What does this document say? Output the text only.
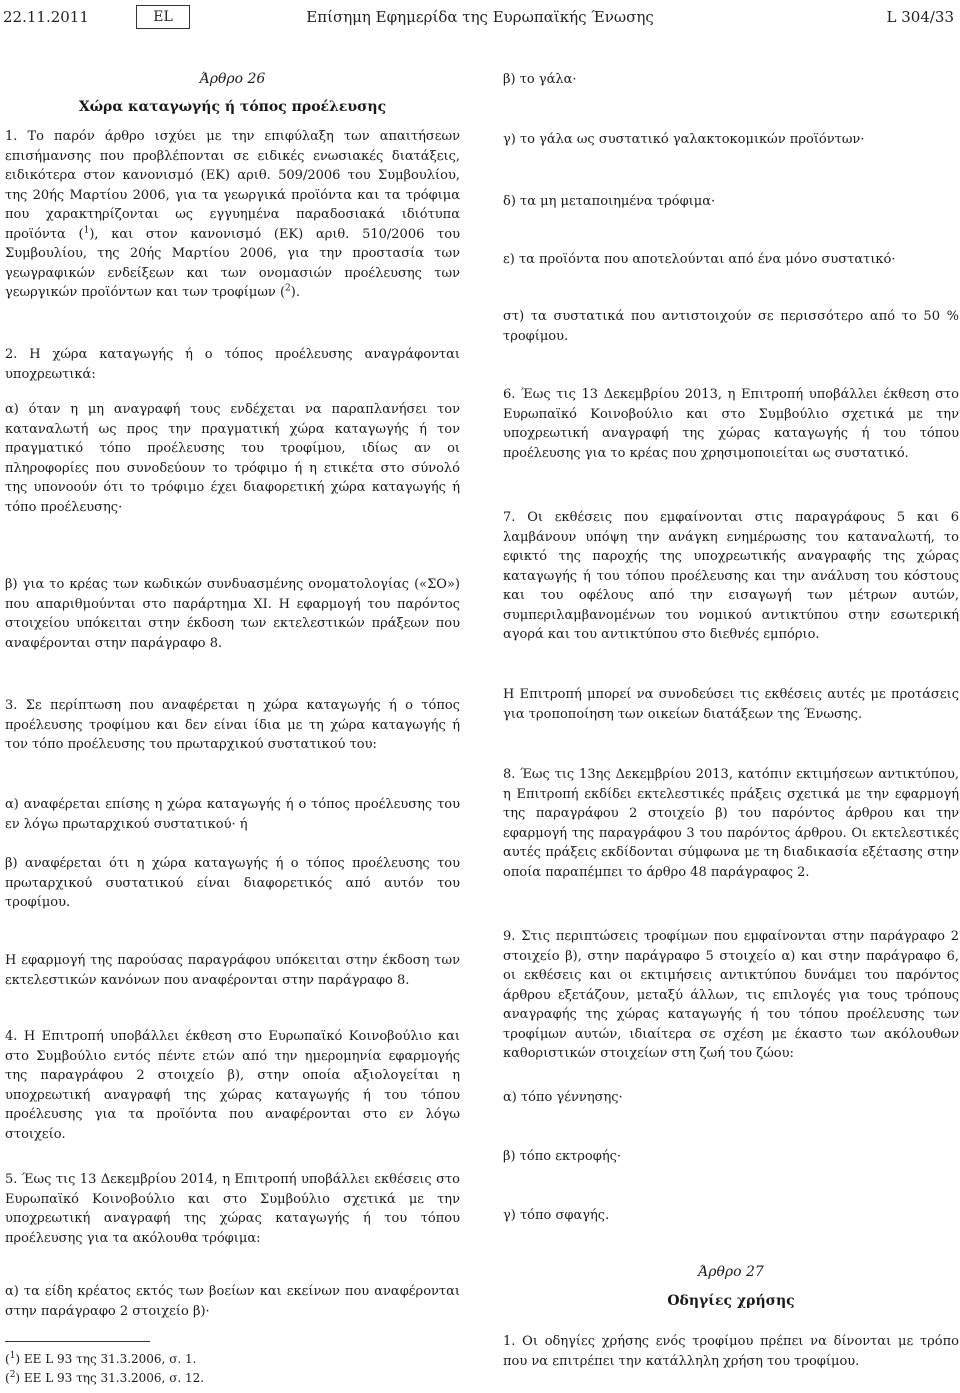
22.11.2011	EL	Επίσημη Εφημερίδα της Ευρωπαϊκής Ένωσης	L 304/33
Άρθρο 26
Χώρα καταγωγής ή τόπος προέλευσης
1. Το παρόν άρθρο ισχύει με την επιφύλαξη των απαιτήσεων επισήμανσης που προβλέπονται σε ειδικές ενωσιακές διατάξεις, ειδικότερα στον κανονισμό (ΕΚ) αριθ. 509/2006 του Συμβουλίου, της 20ής Μαρτίου 2006, για τα γεωργικά προϊόντα και τα τρόφιμα που χαρακτηρίζονται ως εγγυημένα παραδοσιακά ιδιότυπα προϊόντα ($^1$), και στον κανονισμό (ΕΚ) αριθ. 510/2006 του Συμβουλίου, της 20ής Μαρτίου 2006, για την προστασία των γεωγραφικών ενδείξεων και των ονομασιών προέλευσης των γεωργικών προϊόντων και των τροφίμων ($^2$).
2. Η χώρα καταγωγής ή ο τόπος προέλευσης αναγράφονται υποχρεωτικά:
α) όταν η μη αναγραφή τους ενδέχεται να παραπλανήσει τον καταναλωτή ως προς την πραγματική χώρα καταγωγής ή τον πραγματικό τόπο προέλευσης του τροφίμου, ιδίως αν οι πληροφορίες που συνοδεύουν το τρόφιμο ή η ετικέτα στο σύνολό της υπονοούν ότι το τρόφιμο έχει διαφορετική χώρα καταγωγής ή τόπο προέλευσης·
β) για το κρέας των κωδικών συνδυασμένης ονοματολογίας («ΣΟ») που απαριθμούνται στο παράρτημα XI. Η εφαρμογή του παρόντος στοιχείου υπόκειται στην έκδοση των εκτελεστικών πράξεων που αναφέρονται στην παράγραφο 8.
3. Σε περίπτωση που αναφέρεται η χώρα καταγωγής ή ο τόπος προέλευσης τροφίμου και δεν είναι ίδια με τη χώρα καταγωγής ή τον τόπο προέλευσης του πρωταρχικού συστατικού του:
α) αναφέρεται επίσης η χώρα καταγωγής ή ο τόπος προέλευσης του εν λόγω πρωταρχικού συστατικού· ή
β) αναφέρεται ότι η χώρα καταγωγής ή ο τόπος προέλευσης του πρωταρχικού συστατικού είναι διαφορετικός από αυτόν του τροφίμου.
Η εφαρμογή της παρούσας παραγράφου υπόκειται στην έκδοση των εκτελεστικών κανόνων που αναφέρονται στην παράγραφο 8.
4. Η Επιτροπή υποβάλλει έκθεση στο Ευρωπαϊκό Κοινοβούλιο και στο Συμβούλιο εντός πέντε ετών από την ημερομηνία εφαρμογής της παραγράφου 2 στοιχείο β), στην οποία αξιολογείται η υποχρεωτική αναγραφή της χώρας καταγωγής ή του τόπου προέλευσης για τα προϊόντα που αναφέρονται στο εν λόγω στοιχείο.
5. Έως τις 13 Δεκεμβρίου 2014, η Επιτροπή υποβάλλει εκθέσεις στο Ευρωπαϊκό Κοινοβούλιο και στο Συμβούλιο σχετικά με την υποχρεωτική αναγραφή της χώρας καταγωγής ή του τόπου προέλευσης για τα ακόλουθα τρόφιμα:
α) τα είδη κρέατος εκτός των βοείων και εκείνων που αναφέρονται στην παράγραφο 2 στοιχείο β)·
($^1$) ΕΕ L 93 της 31.3.2006, σ. 1.
($^2$) ΕΕ L 93 της 31.3.2006, σ. 12.
β) το γάλα·
γ) το γάλα ως συστατικό γαλακτοκομικών προϊόντων·
δ) τα μη μεταποιημένα τρόφιμα·
ε) τα προϊόντα που αποτελούνται από ένα μόνο συστατικό·
στ) τα συστατικά που αντιστοιχούν σε περισσότερο από το 50 % τροφίμου.
6. Έως τις 13 Δεκεμβρίου 2013, η Επιτροπή υποβάλλει έκθεση στο Ευρωπαϊκό Κοινοβούλιο και στο Συμβούλιο σχετικά με την υποχρεωτική αναγραφή της χώρας καταγωγής ή του τόπου προέλευσης για το κρέας που χρησιμοποιείται ως συστατικό.
7. Οι εκθέσεις που εμφαίνονται στις παραγράφους 5 και 6 λαμβάνουν υπόψη την ανάγκη ενημέρωσης του καταναλωτή, το εφικτό της παροχής της υποχρεωτικής αναγραφής της χώρας καταγωγής ή του τόπου προέλευσης και την ανάλυση του κόστους και του οφέλους από την εισαγωγή των μέτρων αυτών, συμπεριλαμβανομένων του νομικού αντικτύπου στην εσωτερική αγορά και του αντικτύπου στο διεθνές εμπόριο.
Η Επιτροπή μπορεί να συνοδεύσει τις εκθέσεις αυτές με προτάσεις για τροποποίηση των οικείων διατάξεων της Ένωσης.
8. Έως τις 13ης Δεκεμβρίου 2013, κατόπιν εκτιμήσεων αντικτύπου, η Επιτροπή εκδίδει εκτελεστικές πράξεις σχετικά με την εφαρμογή της παραγράφου 2 στοιχείο β) του παρόντος άρθρου και την εφαρμογή της παραγράφου 3 του παρόντος άρθρου. Οι εκτελεστικές αυτές πράξεις εκδίδονται σύμφωνα με τη διαδικασία εξέτασης στην οποία παραπέμπει το άρθρο 48 παράγραφος 2.
9. Στις περιπτώσεις τροφίμων που εμφαίνονται στην παράγραφο 2 στοιχείο β), στην παράγραφο 5 στοιχείο α) και στην παράγραφο 6, οι εκθέσεις και οι εκτιμήσεις αντικτύπου δυνάμει του παρόντος άρθρου εξετάζουν, μεταξύ άλλων, τις επιλογές για τους τρόπους αναγραφής της χώρας καταγωγής ή του τόπου προέλευσης των τροφίμων αυτών, ιδιαίτερα σε σχέση με έκαστο των ακόλουθων καθοριστικών στοιχείων στη ζωή του ζώου:
α) τόπο γέννησης·
β) τόπο εκτροφής·
γ) τόπο σφαγής.
Άρθρο 27
Οδηγίες χρήσης
1. Οι οδηγίες χρήσης ενός τροφίμου πρέπει να δίνονται με τρόπο που να επιτρέπει την κατάλληλη χρήση του τροφίμου.
